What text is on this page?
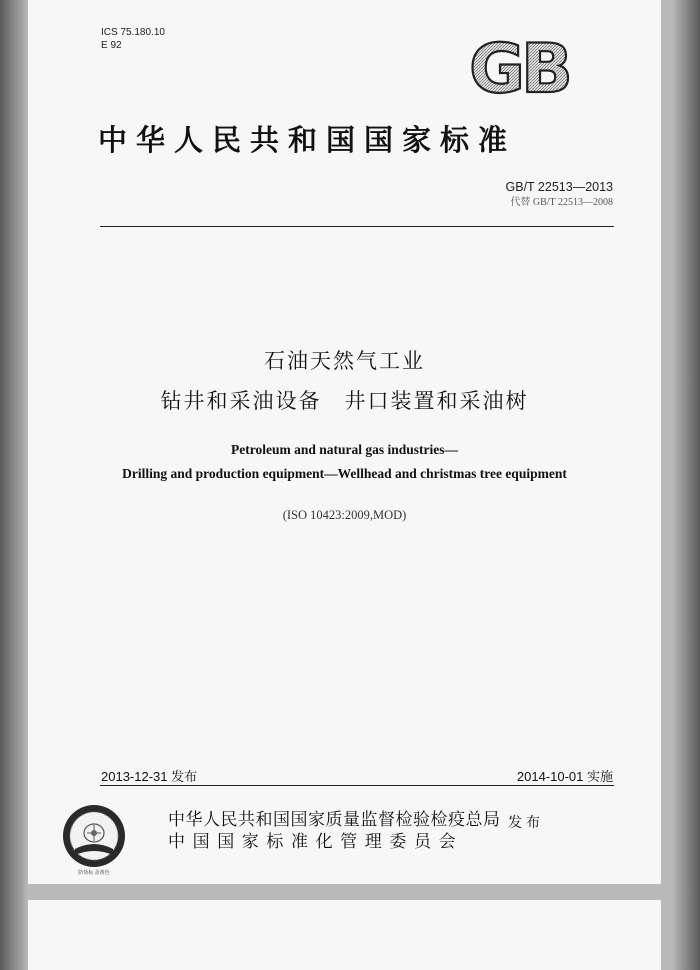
ICS 75.180.10
E 92	GB
中华人民共和国国家标准
GB/T 22513—2013
代替 GB/T 22513—2008
石油天然气工业
钻井和采油设备　井口装置和采油树
Petroleum and natural gas industries—
Drilling and production equipment—Wellhead and christmas tree equipment
(ISO 10423:2009,MOD)
2013-12-31 发布	2014-10-01 实施
防伪标 盖黄色
中华人民共和国国家质量监督检验检疫总局
中国国家标准化管理委员会
发布
